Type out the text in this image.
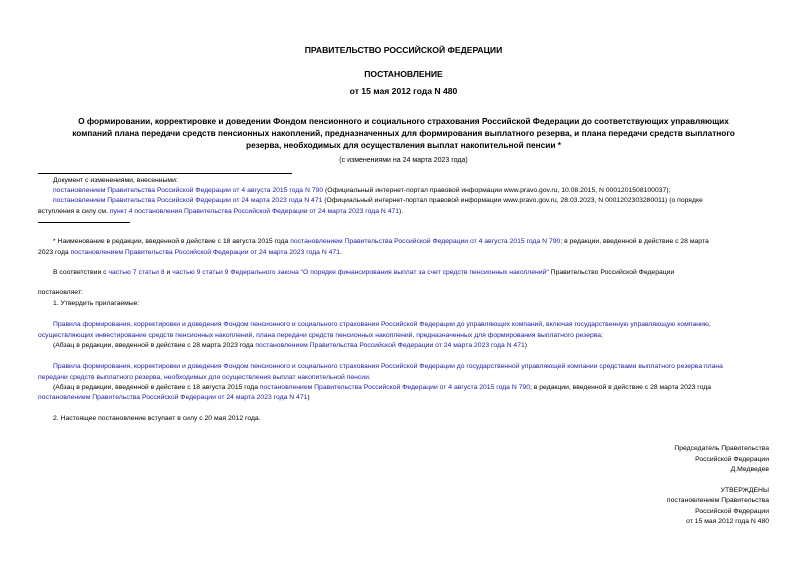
ПРАВИТЕЛЬСТВО РОССИЙСКОЙ ФЕДЕРАЦИИ
ПОСТАНОВЛЕНИЕ
от 15 мая 2012 года N 480
О формировании, корректировке и доведении Фондом пенсионного и социального страхования Российской Федерации до соответствующих управляющих
компаний плана передачи средств пенсионных накоплений, предназначенных для формирования выплатного резерва, и плана передачи средств выплатного
резерва, необходимых для осуществления выплат накопительной пенсии *
(с изменениями на 24 марта 2023 года)
Документ с изменениями, внесенными:
постановлением Правительства Российской Федерации от 4 августа 2015 года N 790 (Официальный интернет-портал правовой информации www.pravo.gov.ru, 10.08.2015, N 0001201508100037);
постановлением Правительства Российской Федерации от 24 марта 2023 года N 471 (Официальный интернет-портал правовой информации www.pravo.gov.ru, 28.03.2023, N 0001202303280011) (о порядке
вступления в силу см. пункт 4 постановления Правительства Российской Федерации от 24 марта 2023 года N 471).
* Наименование в редакции, введенной в действие с 18 августа 2015 года постановлением Правительства Российской Федерации от 4 августа 2015 года N 790; в редакции, введенной в действие с 28 марта
2023 года постановлением Правительства Российской Федерации от 24 марта 2023 года N 471.
В соответствии с частью 7 статьи 8 и частью 9 статьи 9 Федерального закона "О порядке финансирования выплат за счет средств пенсионных накоплений" Правительство Российской Федерации
постановляет:
1. Утвердить прилагаемые:
Правила формирования, корректировки и доведения Фондом пенсионного и социального страхования Российской Федерации до управляющих компаний, включая государственную управляющую компанию,
осуществляющих инвестирование средств пенсионных накоплений, плана передачи средств пенсионных накоплений, предназначенных для формирования выплатного резерва;
(Абзац в редакции, введенной в действие с 28 марта 2023 года постановлением Правительства Российской Федерации от 24 марта 2023 года N 471)
Правила формирования, корректировки и доведения Фондом пенсионного и социального страхования Российской Федерации до государственной управляющей компании средствами выплатного резерва плана
передачи средств выплатного резерва, необходимых для осуществления выплат накопительной пенсии.
(Абзац в редакции, введенной в действие с 18 августа 2015 года постановлением Правительства Российской Федерации от 4 августа 2015 года N 790; в редакции, введенной в действие с 28 марта 2023 года
постановлением Правительства Российской Федерации от 24 марта 2023 года N 471)
2. Настоящее постановление вступает в силу с 20 мая 2012 года.
Председатель Правительства
Российской Федерации
Д.Медведев
УТВЕРЖДЕНЫ
постановлением Правительства
Российской Федерации
от 15 мая 2012 года N 480
